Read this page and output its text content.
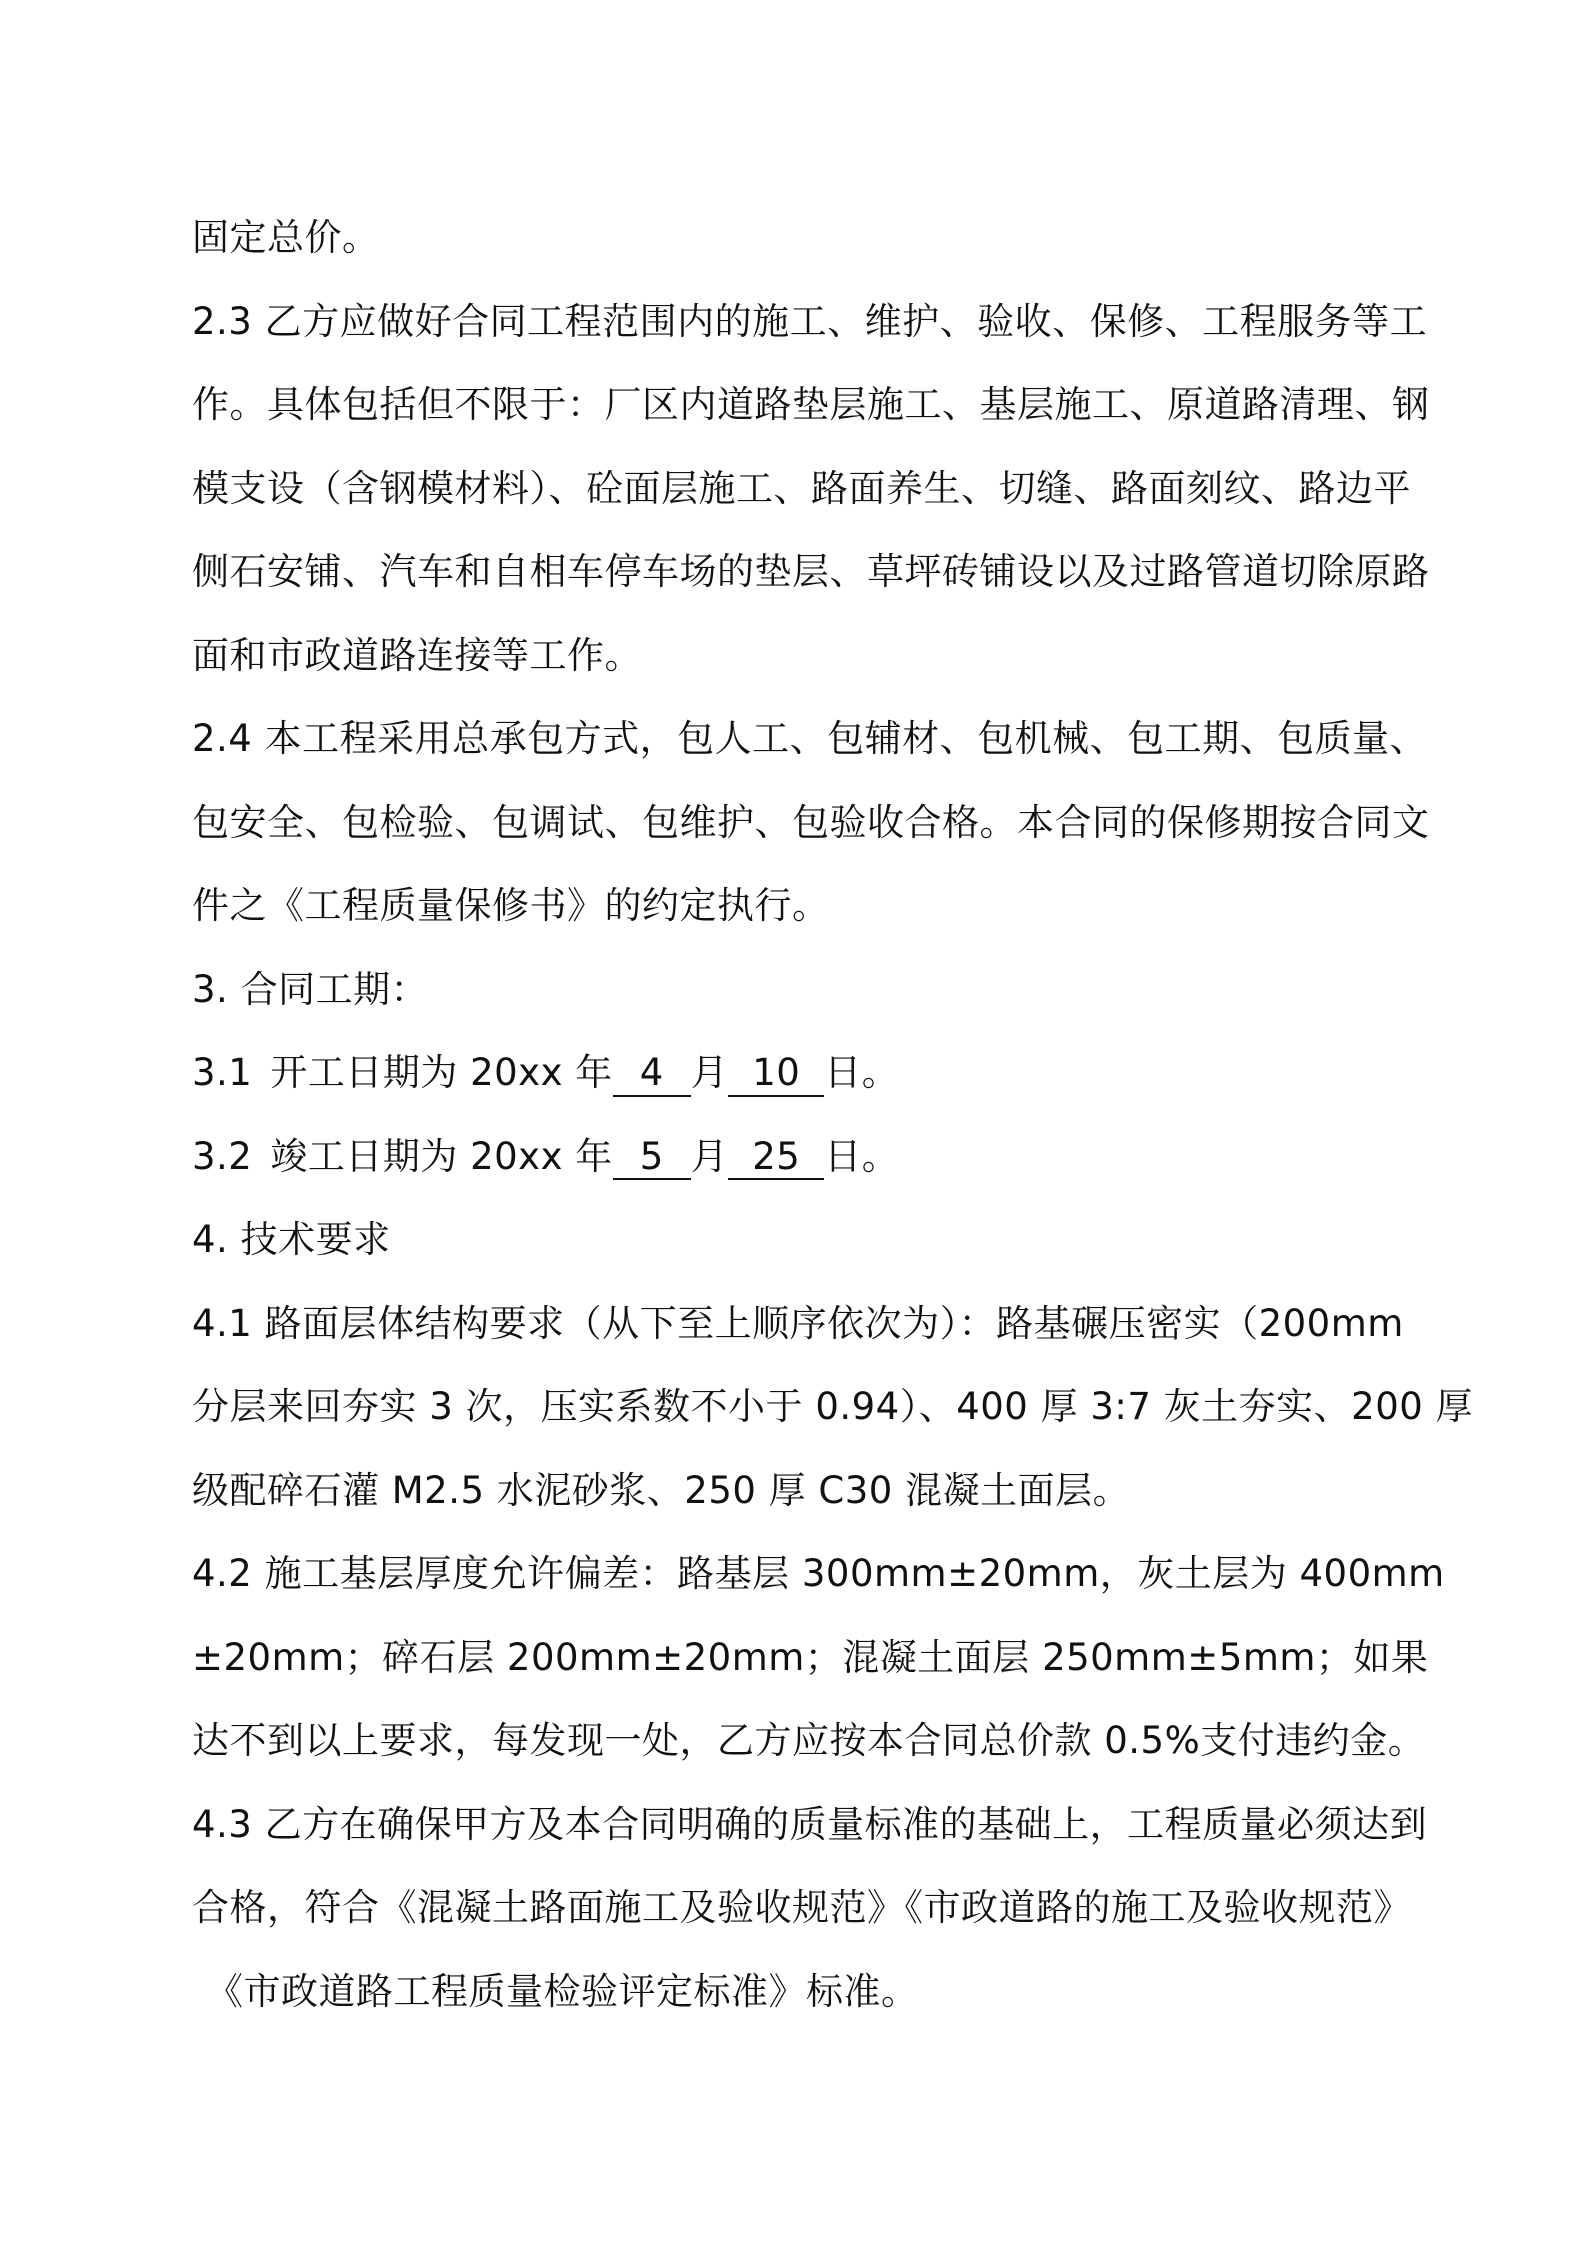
固定总价。
2.3 乙方应做好合同工程范围内的施工、维护、验收、保修、工程服务等工
作。具体包括但不限于：厂区内道路垫层施工、基层施工、原道路清理、钢
模支设（含钢模材料）、砼面层施工、路面养生、切缝、路面刻纹、路边平
侧石安铺、汽车和自相车停车场的垫层、草坪砖铺设以及过路管道切除原路
面和市政道路连接等工作。
2.4 本工程采用总承包方式，包人工、包辅材、包机械、包工期、包质量、
包安全、包检验、包调试、包维护、包验收合格。本合同的保修期按合同文
件之《工程质量保修书》的约定执行。
3. 合同工期：
3.1 开工日期为 20xx 年 4 月 10 日。
3.2 竣工日期为 20xx 年 5 月 25 日。
4. 技术要求
4.1 路面层体结构要求（从下至上顺序依次为）：路基碾压密实（200mm
分层来回夯实 3 次，压实系数不小于 0.94）、400 厚 3:7 灰土夯实、200 厚
级配碎石灌 M2.5 水泥砂浆、250 厚 C30 混凝土面层。
4.2 施工基层厚度允许偏差：路基层 300mm±20mm，灰土层为 400mm
±20mm；碎石层 200mm±20mm；混凝土面层 250mm±5mm；如果
达不到以上要求，每发现一处，乙方应按本合同总价款 0.5%支付违约金。
4.3 乙方在确保甲方及本合同明确的质量标准的基础上，工程质量必须达到
合格，符合《混凝土路面施工及验收规范》《市政道路的施工及验收规范》
《市政道路工程质量检验评定标准》标准。
